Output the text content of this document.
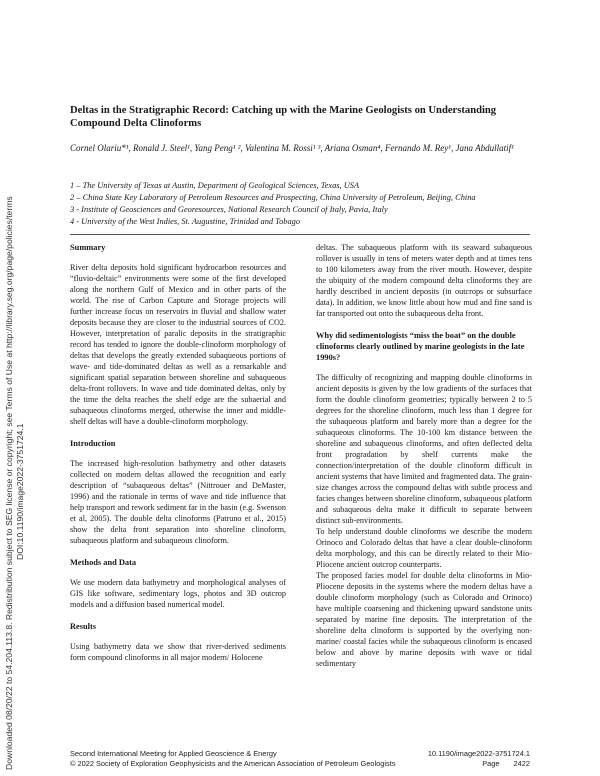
Downloaded 08/20/22 to 54.204.113.8. Redistribution subject to SEG license or copyright; see Terms of Use at http://library.seg.org/page/policies/terms DOI:10.1190/image2022-3751724.1
Deltas in the Stratigraphic Record: Catching up with the Marine Geologists on Understanding Compound Delta Clinoforms
Cornel Olariu*¹, Ronald J. Steel¹, Yang Peng¹ ², Valentina M. Rossi¹ ³, Ariana Osman⁴, Fernando M. Rey¹, Jana Abdullatif¹
1 – The University of Texas at Austin, Department of Geological Sciences, Texas, USA
2 – China State Key Laboratory of Petroleum Resources and Prospecting, China University of Petroleum, Beijing, China
3 - Institute of Geosciences and Georesources, National Research Council of Italy, Pavia, Italy
4 - University of the West Indies, St. Augustine, Trinidad and Tobago
Summary

River delta deposits hold significant hydrocarbon resources and “fluvio-deltaic” environments were some of the first developed along the northern Gulf of Mexico and in other parts of the world. The rise of Carbon Capture and Storage projects will further increase focus on reservoirs in fluvial and shallow water deposits because they are closer to the industrial sources of CO2. However, interpretation of paralic deposits in the stratigraphic record has tended to ignore the double-clinoform morphology of deltas that develops the greatly extended subaqueous portions of wave- and tide-dominated deltas as well as a remarkable and significant spatial separation between shoreline and subaqueous delta-front rollovers. In wave and tide dominated deltas, only by the time the delta reaches the shelf edge are the subaerial and subaqueous clinoforms merged, otherwise the inner and middle-shelf deltas will have a double-clinoform morphology.

Introduction

The increased high-resolution bathymetry and other datasets collected on modern deltas allowed the recognition and early description of “subaqueous deltas” (Nittrouer and DeMaster, 1996) and the rationale in terms of wave and tide influence that help transport and rework sediment far in the basin (e.g. Swenson et al, 2005). The double delta clinoforms (Patruno et al., 2015) show the delta front separation into shoreline clinoform, subaqueous platform and subaqueous clinoform.

Methods and Data

We use modern data bathymetry and morphological analyses of GIS like software, sedimentary logs, photos and 3D outcrop models and a diffusion based numerical model.

Results

Using bathymetry data we show that river-derived sediments form compound clinoforms in all major modern/ Holocene

deltas. The subaqueous platform with its seaward subaqueous rollover is usually in tens of meters water depth and at times tens to 100 kilometers away from the river mouth. However, despite the ubiquity of the modern compound delta clinoforms they are hardly described in ancient deposits (in outcrops or subsurface data). In addition, we know little about how mud and fine sand is far transported out onto the subaqueous delta front.

Why did sedimentologists “miss the boat” on the double clinoforms clearly outlined by marine geologists in the late 1990s?

The difficulty of recognizing and mapping double clinoforms in ancient deposits is given by the low gradients of the surfaces that form the double clinoform geometries; typically between 2 to 5 degrees for the shoreline clinoform, much less than 1 degree for the subaqueous platform and barely more than a degree for the subaqueous clinoforms. The 10-100 km distance between the shoreline and subaqueous clinoforms, and often deflected delta front progradation by shelf currents make the connection/interpretation of the double clinoform difficult in ancient systems that have limited and fragmented data. The grain-size changes across the compound deltas with subtle process and facies changes between shoreline clinoform, subaqueous platform and subaqueous delta make it difficult to separate between distinct sub-environments.

To help understand double clinoforms we describe the modern Orinoco and Colorado deltas that have a clear double-clinoform delta morphology, and this can be directly related to their Mio-Pliocene ancient outcrop counterparts.

The proposed facies model for double delta clinoforms in Mio-Pliocene deposits in the systems where the modern deltas have a double clinoform morphology (such as Colorado and Orinoco) have multiple coarsening and thickening upward sandstone units separated by marine fine deposits. The interpretation of the shoreline delta clinoform is supported by the overlying non-marine/ coastal facies while the subaqueous clinoform is encased below and above by marine deposits with wave or tidal sedimentary

Second International Meeting for Applied Geoscience & Energy	10.1190/image2022-3751724.1
© 2022 Society of Exploration Geophysicists and the American Association of Petroleum Geologists	Page 2422
